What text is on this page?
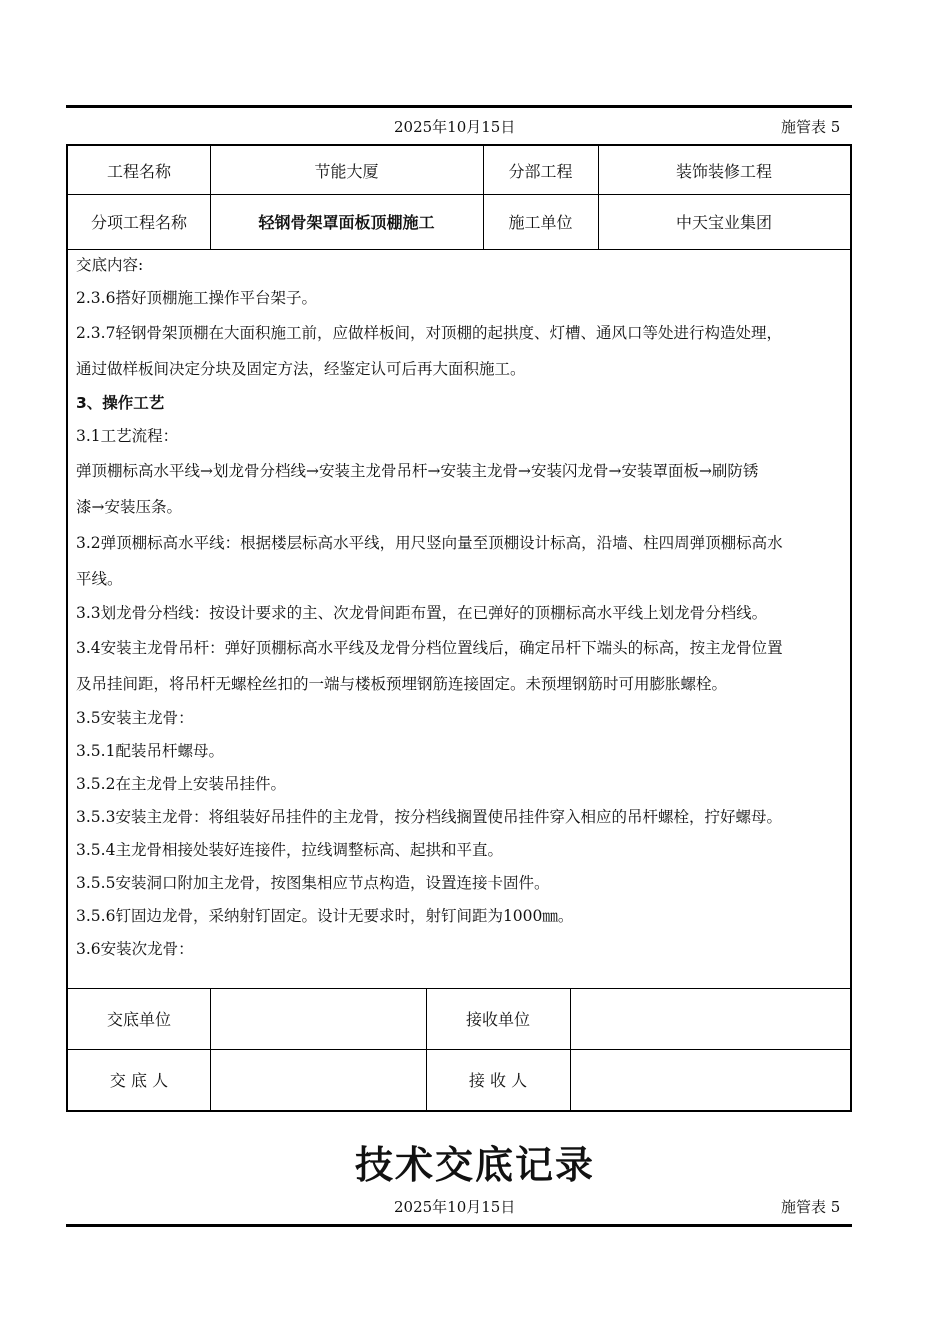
2025年10月15日	施管表 5
工程名称	节能大厦	分部工程	装饰装修工程
分项工程名称	轻钢骨架罩面板顶棚施工	施工单位	中天宝业集团

交底内容:

2.3.6搭好顶棚施工操作平台架子。

2.3.7轻钢骨架顶棚在大面积施工前，应做样板间，对顶棚的起拱度、灯槽、通风口等处进行构造处理，

通过做样板间决定分块及固定方法，经鉴定认可后再大面积施工。

3、操作工艺

3.1工艺流程：

弹顶棚标高水平线→划龙骨分档线→安装主龙骨吊杆→安装主龙骨→安装闪龙骨→安装罩面板→刷防锈

漆→安装压条。

3.2弹顶棚标高水平线：根据楼层标高水平线，用尺竖向量至顶棚设计标高，沿墙、柱四周弹顶棚标高水

平线。

3.3划龙骨分档线：按设计要求的主、次龙骨间距布置，在已弹好的顶棚标高水平线上划龙骨分档线。

3.4安装主龙骨吊杆：弹好顶棚标高水平线及龙骨分档位置线后，确定吊杆下端头的标高，按主龙骨位置

及吊挂间距，将吊杆无螺栓丝扣的一端与楼板预埋钢筋连接固定。未预埋钢筋时可用膨胀螺栓。

3.5安装主龙骨：

3.5.1配装吊杆螺母。

3.5.2在主龙骨上安装吊挂件。

3.5.3安装主龙骨：将组装好吊挂件的主龙骨，按分档线搁置使吊挂件穿入相应的吊杆螺栓，拧好螺母。

3.5.4主龙骨相接处装好连接件，拉线调整标高、起拱和平直。

3.5.5安装洞口附加主龙骨，按图集相应节点构造，设置连接卡固件。

3.5.6钉固边龙骨，采纳射钉固定。设计无要求时，射钉间距为1000㎜。

3.6安装次龙骨：

交底单位	接收单位
交 底 人	接 收 人
技术交底记录
2025年10月15日	施管表 5
